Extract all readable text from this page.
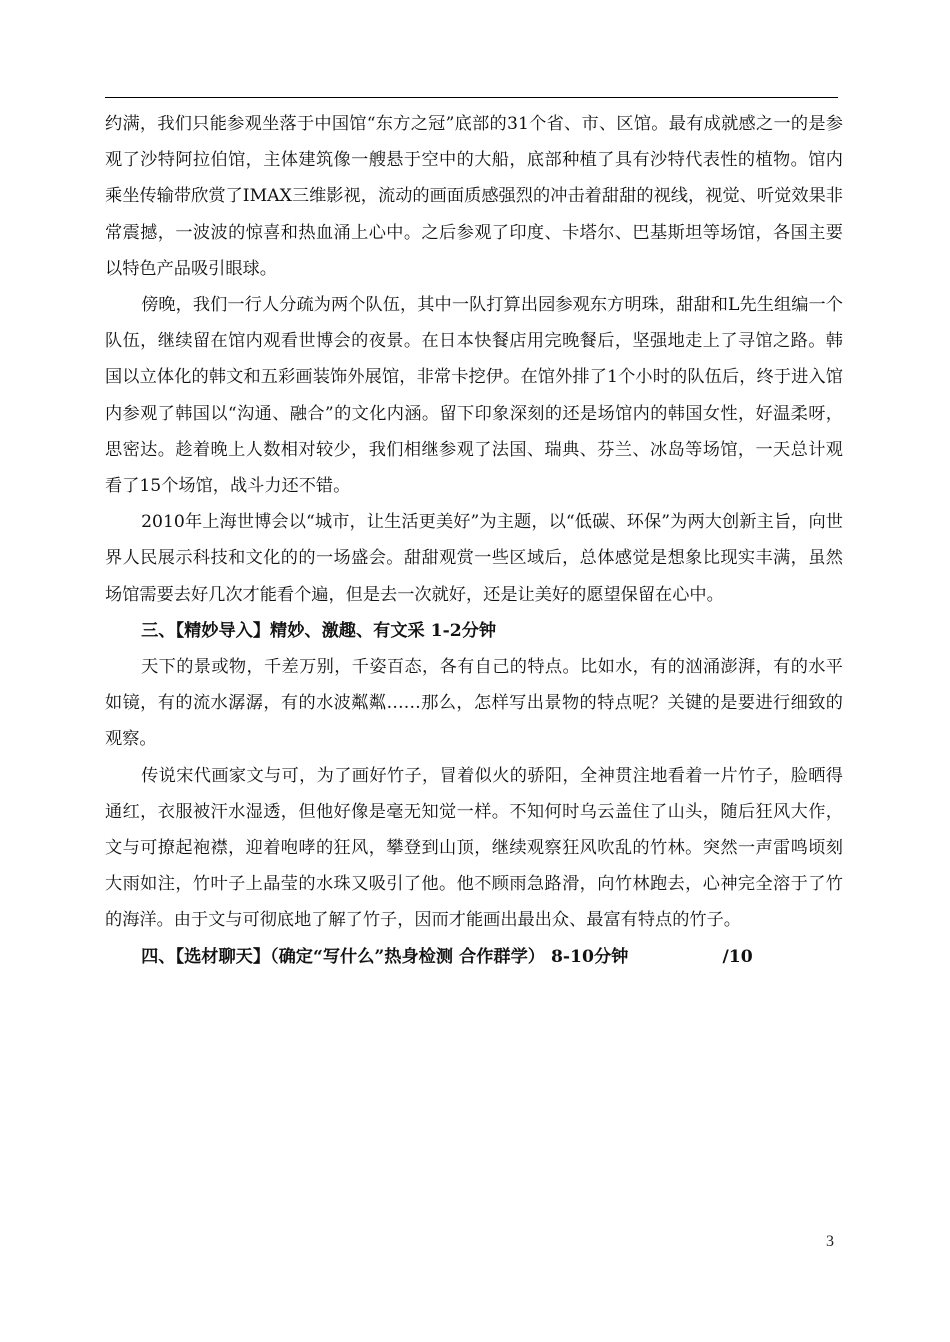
约满，我们只能参观坐落于中国馆“东方之冠”底部的31个省、市、区馆。最有成就感之一的是参观了沙特阿拉伯馆，主体建筑像一艘悬于空中的大船，底部种植了具有沙特代表性的植物。馆内乘坐传输带欣赏了IMAX三维影视，流动的画面质感强烈的冲击着甜甜的视线，视觉、听觉效果非常震撼，一波波的惊喜和热血涌上心中。之后参观了印度、卡塔尔、巴基斯坦等场馆，各国主要以特色产品吸引眼球。

傍晚，我们一行人分疏为两个队伍，其中一队打算出园参观东方明珠，甜甜和L先生组编一个队伍，继续留在馆内观看世博会的夜景。在日本快餐店用完晚餐后，坚强地走上了寻馆之路。韩国以立体化的韩文和五彩画装饰外展馆，非常卡挖伊。在馆外排了1个小时的队伍后，终于进入馆内参观了韩国以“沟通、融合”的文化内涵。留下印象深刻的还是场馆内的韩国女性，好温柔呀，思密达。趁着晚上人数相对较少，我们相继参观了法国、瑞典、芬兰、冰岛等场馆，一天总计观看了15个场馆，战斗力还不错。

2010年上海世博会以“城市，让生活更美好”为主题，以“低碳、环保”为两大创新主旨，向世界人民展示科技和文化的的一场盛会。甜甜观赏一些区域后，总体感觉是想象比现实丰满，虽然场馆需要去好几次才能看个遍，但是去一次就好，还是让美好的愿望保留在心中。

三、【精妙导入】精妙、激趣、有文采 1-2分钟

天下的景或物，千差万别，千姿百态，各有自己的特点。比如水，有的汹涌澎湃，有的水平如镜，有的流水潺潺，有的水波粼粼……那么，怎样写出景物的特点呢？关键的是要进行细致的观察。

传说宋代画家文与可，为了画好竹子，冒着似火的骄阳，全神贯注地看着一片竹子，脸晒得通红，衣服被汗水湿透，但他好像是毫无知觉一样。不知何时乌云盖住了山头，随后狂风大作，文与可撩起袍襟，迎着咆哮的狂风，攀登到山顶，继续观察狂风吹乱的竹林。突然一声雷鸣顷刻大雨如注，竹叶子上晶莹的水珠又吸引了他。他不顾雨急路滑，向竹林跑去，心神完全溶于了竹的海洋。由于文与可彻底地了解了竹子，因而才能画出最出众、最富有特点的竹子。

四、【选材聊天】（确定“写什么”热身检测 合作群学） 8-10分钟	/10

3
